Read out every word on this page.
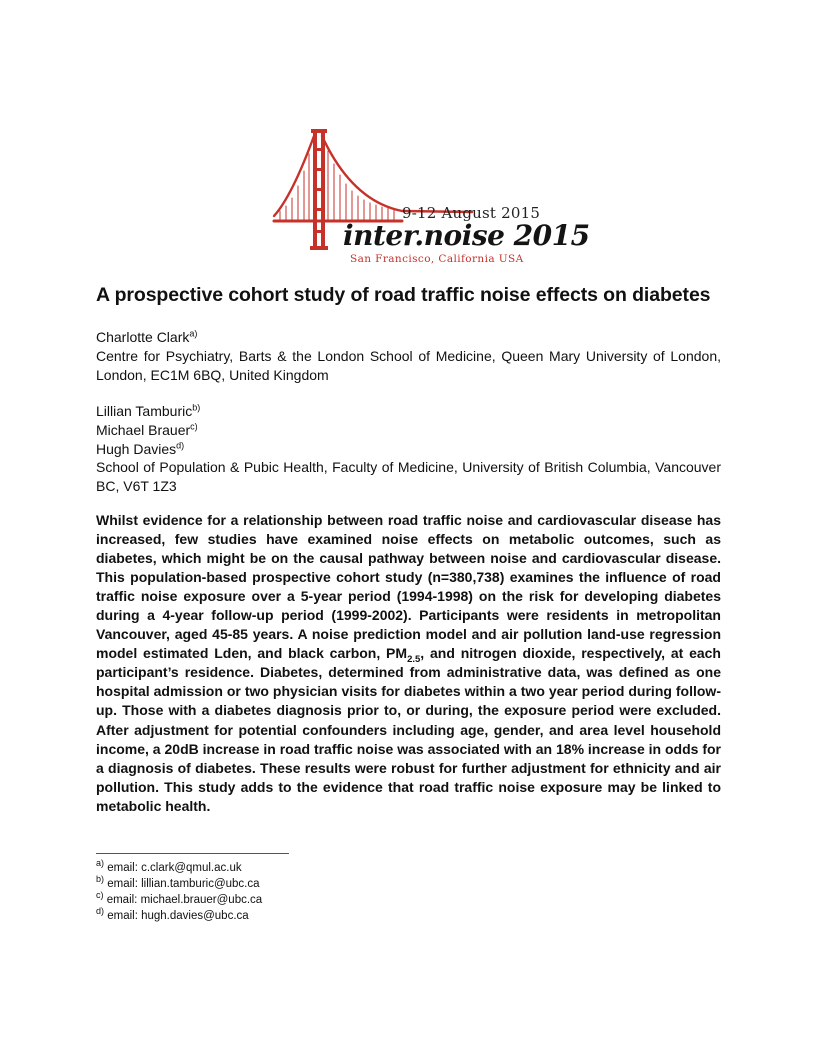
9-12 August 2015
inter.noise 2015
San Francisco, California USA
A prospective cohort study of road traffic noise effects on diabetes
Charlotte Clark$^{a)}$
Centre for Psychiatry, Barts & the London School of Medicine, Queen Mary University of London, London, EC1M 6BQ, United Kingdom
Lillian Tamburic$^{b)}$
Michael Brauer$^{c)}$
Hugh Davies$^{d)}$
School of Population & Pubic Health, Faculty of Medicine, University of British Columbia, Vancouver BC, V6T 1Z3
Whilst evidence for a relationship between road traffic noise and cardiovascular disease has increased, few studies have examined noise effects on metabolic outcomes, such as diabetes, which might be on the causal pathway between noise and cardiovascular disease. This population-based prospective cohort study (n=380,738) examines the influence of road traffic noise exposure over a 5-year period (1994-1998) on the risk for developing diabetes during a 4-year follow-up period (1999-2002). Participants were residents in metropolitan Vancouver, aged 45-85 years. A noise prediction model and air pollution land-use regression model estimated Lden, and black carbon, $PM_{2.5}$, and nitrogen dioxide, respectively, at each participant’s residence. Diabetes, determined from administrative data, was defined as one hospital admission or two physician visits for diabetes within a two year period during follow-up. Those with a diabetes diagnosis prior to, or during, the exposure period were excluded. After adjustment for potential confounders including age, gender, and area level household income, a 20dB increase in road traffic noise was associated with an 18% increase in odds for a diagnosis of diabetes. These results were robust for further adjustment for ethnicity and air pollution. This study adds to the evidence that road traffic noise exposure may be linked to metabolic health.
$^{a)}$ email: c.clark@qmul.ac.uk
$^{b)}$ email: lillian.tamburic@ubc.ca
$^{c)}$ email: michael.brauer@ubc.ca
$^{d)}$ email: hugh.davies@ubc.ca
